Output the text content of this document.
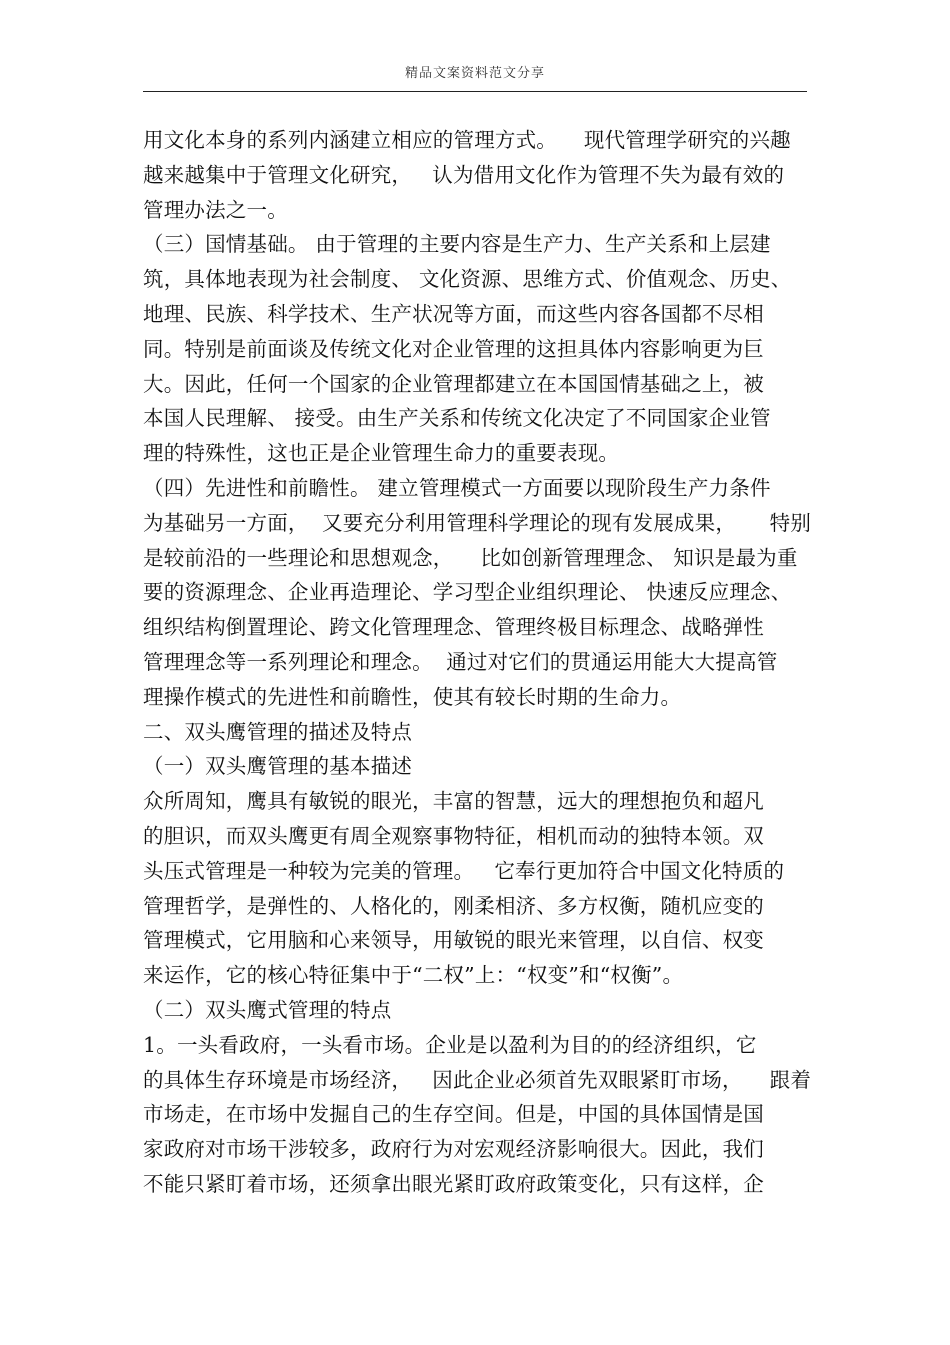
精品文案资料范文分享
用文化本身的系列内涵建立相应的管理方式。    现代管理学研究的兴趣
越来越集中于管理文化研究，   认为借用文化作为管理不失为最有效的
管理办法之一。
（三）国情基础。 由于管理的主要内容是生产力、生产关系和上层建
筑，具体地表现为社会制度、 文化资源、思维方式、价值观念、历史、
地理、民族、科学技术、生产状况等方面，而这些内容各国都不尽相
同。特别是前面谈及传统文化对企业管理的这担具体内容影响更为巨
大。因此，任何一个国家的企业管理都建立在本国国情基础之上，被
本国人民理解、 接受。由生产关系和传统文化决定了不同国家企业管
理的特殊性，这也正是企业管理生命力的重要表现。
（四）先进性和前瞻性。 建立管理模式一方面要以现阶段生产力条件
为基础另一方面，  又要充分利用管理科学理论的现有发展成果，     特别
是较前沿的一些理论和思想观念，    比如创新管理理念、 知识是最为重
要的资源理念、企业再造理论、学习型企业组织理论、 快速反应理念、
组织结构倒置理论、跨文化管理理念、管理终极目标理念、战略弹性
管理理念等一系列理论和理念。  通过对它们的贯通运用能大大提高管
理操作模式的先进性和前瞻性，使其有较长时期的生命力。
二、双头鹰管理的描述及特点
（一）双头鹰管理的基本描述
众所周知，鹰具有敏锐的眼光，丰富的智慧，远大的理想抱负和超凡
的胆识，而双头鹰更有周全观察事物特征，相机而动的独特本领。双
头压式管理是一种较为完美的管理。   它奉行更加符合中国文化特质的
管理哲学，是弹性的、人格化的，刚柔相济、多方权衡，随机应变的
管理模式，它用脑和心来领导，用敏锐的眼光来管理，以自信、权变
来运作，它的核心特征集中于“二权”上：“权变”和“权衡”。
（二）双头鹰式管理的特点
1。一头看政府，一头看市场。企业是以盈利为目的的经济组织，它
的具体生存环境是市场经济，   因此企业必须首先双眼紧盯市场，    跟着
市场走，在市场中发掘自己的生存空间。但是，中国的具体国情是国
家政府对市场干涉较多，政府行为对宏观经济影响很大。因此，我们
不能只紧盯着市场，还须拿出眼光紧盯政府政策变化，只有这样，企
